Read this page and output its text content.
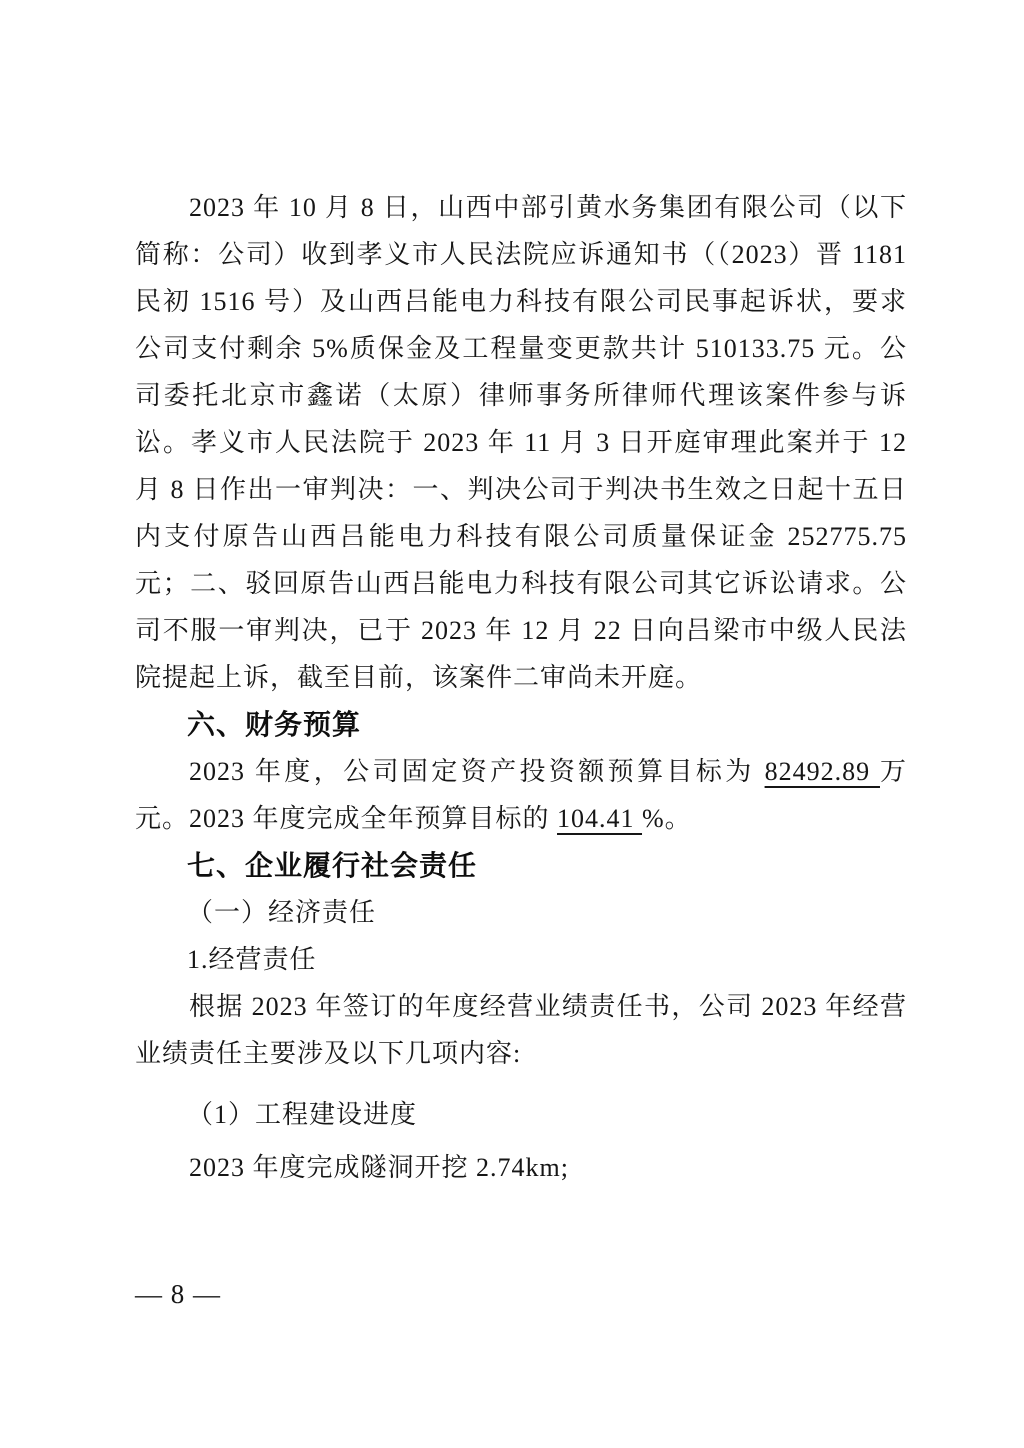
2023 年 10 月 8 日，山西中部引黄水务集团有限公司（以下简称：公司）收到孝义市人民法院应诉通知书（（2023）晋 1181 民初 1516 号）及山西吕能电力科技有限公司民事起诉状，要求公司支付剩余 5%质保金及工程量变更款共计 510133.75 元。公司委托北京市鑫诺（太原）律师事务所律师代理该案件参与诉讼。孝义市人民法院于 2023 年 11 月 3 日开庭审理此案并于 12 月 8 日作出一审判决：一、判决公司于判决书生效之日起十五日内支付原告山西吕能电力科技有限公司质量保证金 252775.75 元；二、驳回原告山西吕能电力科技有限公司其它诉讼请求。公司不服一审判决，已于 2023 年 12 月 22 日向吕梁市中级人民法院提起上诉，截至目前，该案件二审尚未开庭。

六、财务预算

2023 年度，公司固定资产投资额预算目标为 82492.89 万元。2023 年度完成全年预算目标的 104.41 %。

七、企业履行社会责任

（一）经济责任

1.经营责任

根据 2023 年签订的年度经营业绩责任书，公司 2023 年经营业绩责任主要涉及以下几项内容:

（1）工程建设进度

2023 年度完成隧洞开挖 2.74km;

— 8 —
